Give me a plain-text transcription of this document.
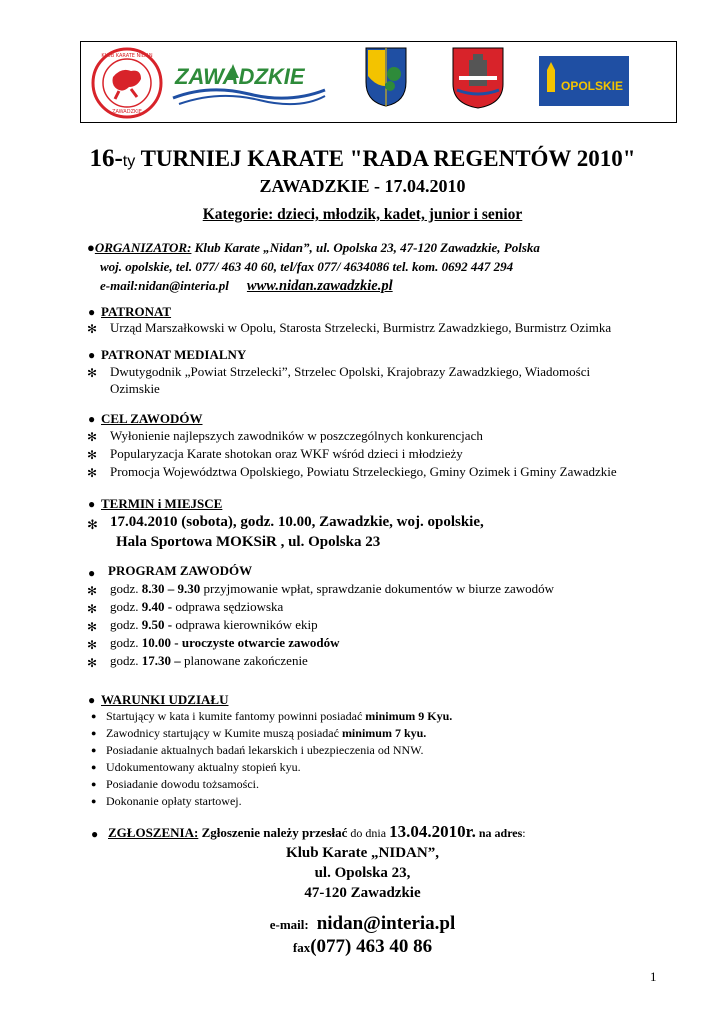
KLUB KARATE NIDAN
ZAWADZKIE
ZAWADZKIE	OPOLSKIE
16-ty TURNIEJ KARATE "RADA REGENTÓW 2010"
ZAWADZKIE - 17.04.2010
Kategorie: dzieci, młodzik, kadet, junior i senior
●ORGANIZATOR: Klub Karate „Nidan”, ul. Opolska 23, 47-120 Zawadzkie, Polska
woj. opolskie, tel. 077/ 463 40 60, tel/fax 077/ 4634086 tel. kom. 0692 447 294
e-mail:nidan@interia.pl www.nidan.zawadzkie.pl
● PATRONAT
✻ Urząd Marszałkowski w Opolu, Starosta Strzelecki, Burmistrz Zawadzkiego, Burmistrz Ozimka
● PATRONAT MEDIALNY
✻ Dwutygodnik „Powiat Strzelecki”, Strzelec Opolski, Krajobrazy Zawadzkiego, Wiadomości
Ozimskie
● CEL ZAWODÓW
✻ Wyłonienie najlepszych zawodników w poszczególnych konkurencjach
✻ Popularyzacja Karate shotokan oraz WKF wśród dzieci i młodzieży
✻ Promocja Województwa Opolskiego, Powiatu Strzeleckiego, Gminy Ozimek i Gminy Zawadzkie
● TERMIN i MIEJSCE
✻ 17.04.2010 (sobota), godz. 10.00, Zawadzkie, woj. opolskie,
Hala Sportowa MOKSiR , ul. Opolska 23
● PROGRAM ZAWODÓW
✻ godz. 8.30 – 9.30 przyjmowanie wpłat, sprawdzanie dokumentów w biurze zawodów
✻ godz. 9.40 - odprawa sędziowska
✻ godz. 9.50 - odprawa kierowników ekip
✻ godz. 10.00 - uroczyste otwarcie zawodów
✻ godz. 17.30 – planowane zakończenie
● WARUNKI UDZIAŁU
● Startujący w kata i kumite fantomy powinni posiadać minimum 9 Kyu.
● Zawodnicy startujący w Kumite muszą posiadać minimum 7 kyu.
● Posiadanie aktualnych badań lekarskich i ubezpieczenia od NNW.
● Udokumentowany aktualny stopień kyu.
● Posiadanie dowodu tożsamości.
● Dokonanie opłaty startowej.
● ZGŁOSZENIA: Zgłoszenie należy przesłać do dnia 13.04.2010r. na adres:
Klub Karate „NIDAN”,
ul. Opolska 23,
47-120 Zawadzkie
e-mail: nidan@interia.pl
fax(077) 463 40 86
1
